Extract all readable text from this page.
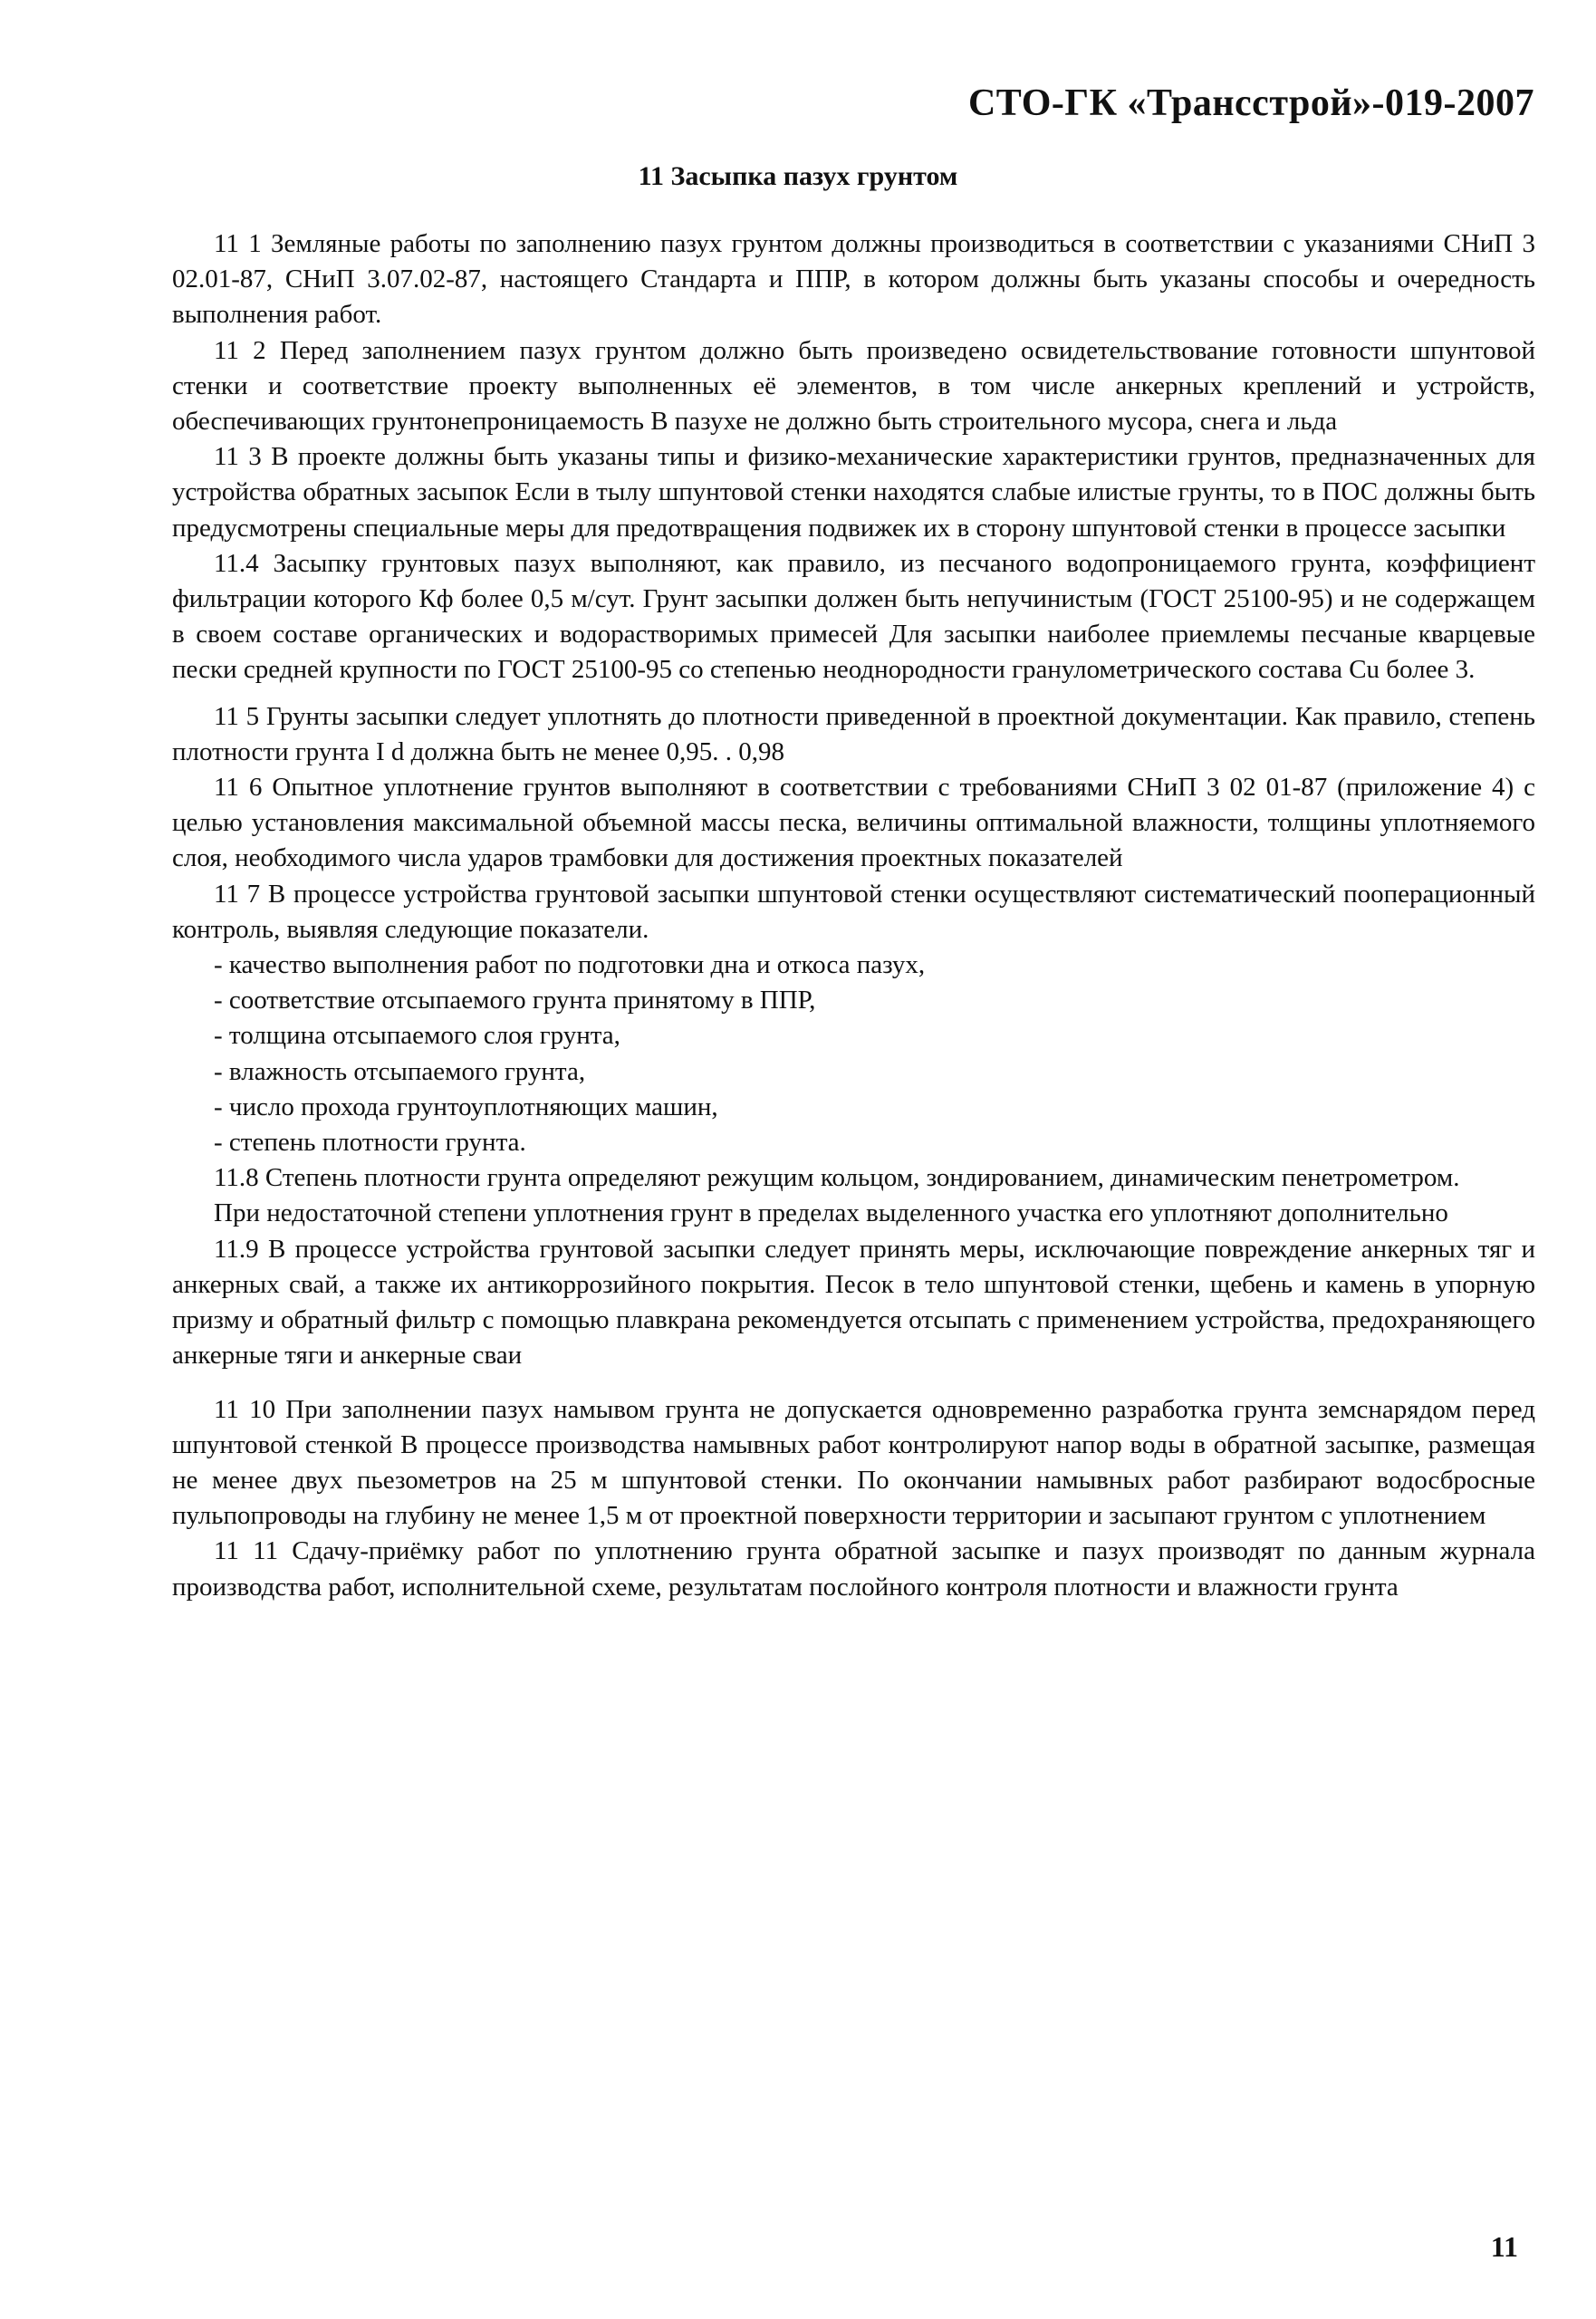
СТО-ГК «Трансстрой»-019-2007
11 Засыпка пазух грунтом

11 1 Земляные работы по заполнению пазух грунтом должны производиться в соответствии с указаниями СНиП 3 02.01-87, СНиП 3.07.02-87, настоящего Стандарта и ППР, в котором должны быть указаны способы и очередность выполнения работ.

11 2 Перед заполнением пазух грунтом должно быть произведено освидетельствование готовности шпунтовой стенки и соответствие проекту выполненных её элементов, в том числе анкерных креплений и устройств, обеспечивающих грунтонепроницаемость В пазухе не должно быть строительного мусора, снега и льда

11 3 В проекте должны быть указаны типы и физико-механические характеристики грунтов, предназначенных для устройства обратных засыпок Если в тылу шпунтовой стенки находятся слабые илистые грунты, то в ПОС должны быть предусмотрены специальные меры для предотвращения подвижек их в сторону шпунтовой стенки в процессе засыпки

11.4 Засыпку грунтовых пазух выполняют, как правило, из песчаного водопроницаемого грунта, коэффициент фильтрации которого Кф более 0,5 м/сут. Грунт засыпки должен быть непучинистым (ГОСТ 25100-95) и не содержащем в своем составе органических и водорастворимых примесей Для засыпки наиболее приемлемы песчаные кварцевые пески средней крупности по ГОСТ 25100-95 со степенью неоднородности гранулометрического состава Cu более 3.

11 5 Грунты засыпки следует уплотнять до плотности приведенной в проектной документации. Как правило, степень плотности грунта I d должна быть не менее 0,95. . 0,98

11 6 Опытное уплотнение грунтов выполняют в соответствии с требованиями СНиП 3 02 01-87 (приложение 4) с целью установления максимальной объемной массы песка, величины оптимальной влажности, толщины уплотняемого слоя, необходимого числа ударов трамбовки для достижения проектных показателей

11 7 В процессе устройства грунтовой засыпки шпунтовой стенки осуществляют систематический пооперационный контроль, выявляя следующие показатели.

- качество выполнения работ по подготовки дна и откоса пазух,
- соответствие отсыпаемого грунта принятому в ППР,
- толщина отсыпаемого слоя грунта,
- влажность отсыпаемого грунта,
- число прохода грунтоуплотняющих машин,
- степень плотности грунта.

11.8 Степень плотности грунта определяют режущим кольцом, зондированием, динамическим пенетрометром.

При недостаточной степени уплотнения грунт в пределах выделенного участка его уплотняют дополнительно

11.9 В процессе устройства грунтовой засыпки следует принять меры, исключающие повреждение анкерных тяг и анкерных свай, а также их антикоррозийного покрытия. Песок в тело шпунтовой стенки, щебень и камень в упорную призму и обратный фильтр с помощью плавкрана рекомендуется отсыпать с применением устройства, предохраняющего анкерные тяги и анкерные сваи

11 10 При заполнении пазух намывом грунта не допускается одновременно разработка грунта земснарядом перед шпунтовой стенкой В процессе производства намывных работ контролируют напор воды в обратной засыпке, размещая не менее двух пьезометров на 25 м шпунтовой стенки. По окончании намывных работ разбирают водосбросные пульпопроводы на глубину не менее 1,5 м от проектной поверхности территории и засыпают грунтом с уплотнением

11 11 Сдачу-приёмку работ по уплотнению грунта обратной засыпке и пазух производят по данным журнала производства работ, исполнительной схеме, результатам послойного контроля плотности и влажности грунта

11
